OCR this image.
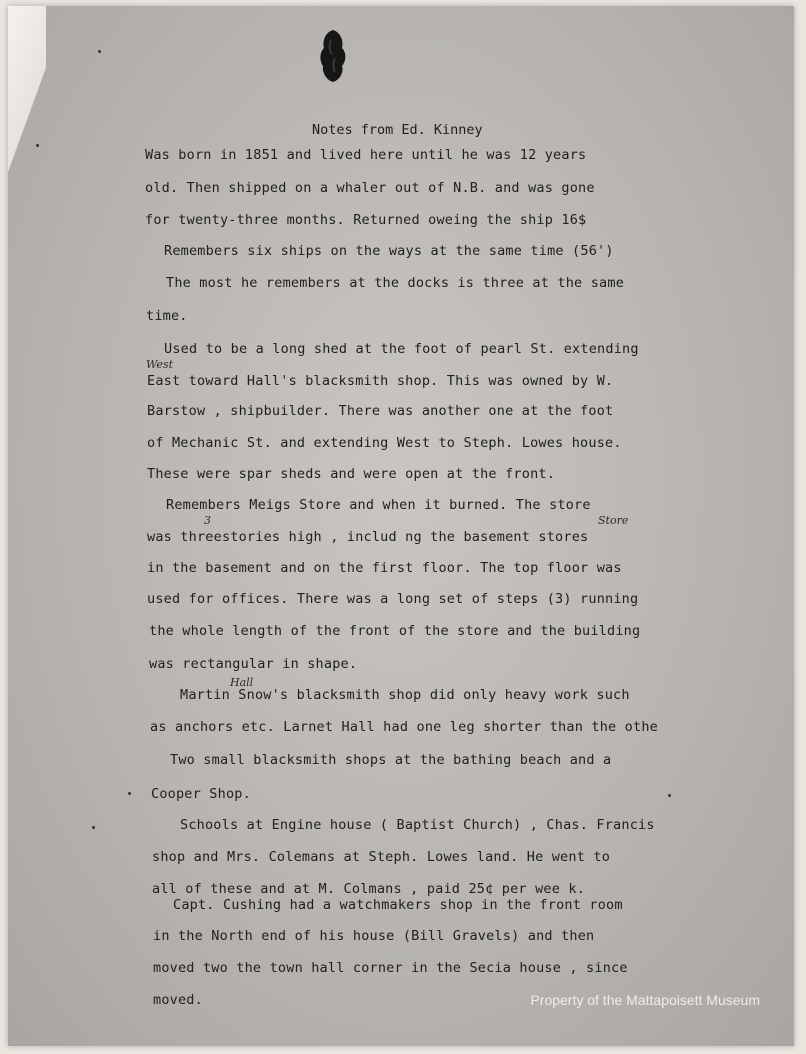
Notes from Ed. Kinney
Was born in 1851 and lived here until he was 12 years
old. Then shipped on a whaler out of N.B. and was gone
for twenty-three months. Returned oweing the ship 16$
Remembers six ships on the ways at the same time (56')
The most he remembers at the docks is three at the same
time.
Used to be a long shed at the foot of pearl St. extending
West
East toward Hall's blacksmith shop. This was owned by W.
Barstow , shipbuilder. There was another one at the foot
of Mechanic St. and extending West to Steph. Lowes house.
These were spar sheds and were open at the front.
Remembers Meigs Store and when it burned. The store
3	Store
was threestories high , includ ng the basement stores
in the basement and on the first floor. The top floor was
used for offices. There was a long set of steps (3) running
the whole length of the front of the store and the building
was rectangular in shape.
Hall
Martin Snow's blacksmith shop did only heavy work such
as anchors etc. Larnet Hall had one leg shorter than the othe
Two small blacksmith shops at the bathing beach and a
Cooper Shop.
Schools at Engine house ( Baptist Church) , Chas. Francis
shop and Mrs. Colemans at Steph. Lowes land. He went to
all of these and at M. Colmans , paid 25¢ per wee k.
Capt. Cushing had a watchmakers shop in the front room
in the North end of his house (Bill Gravels) and then
moved two the town hall corner in the Secia house , since
moved.	Property of the Mattapoisett Museum
